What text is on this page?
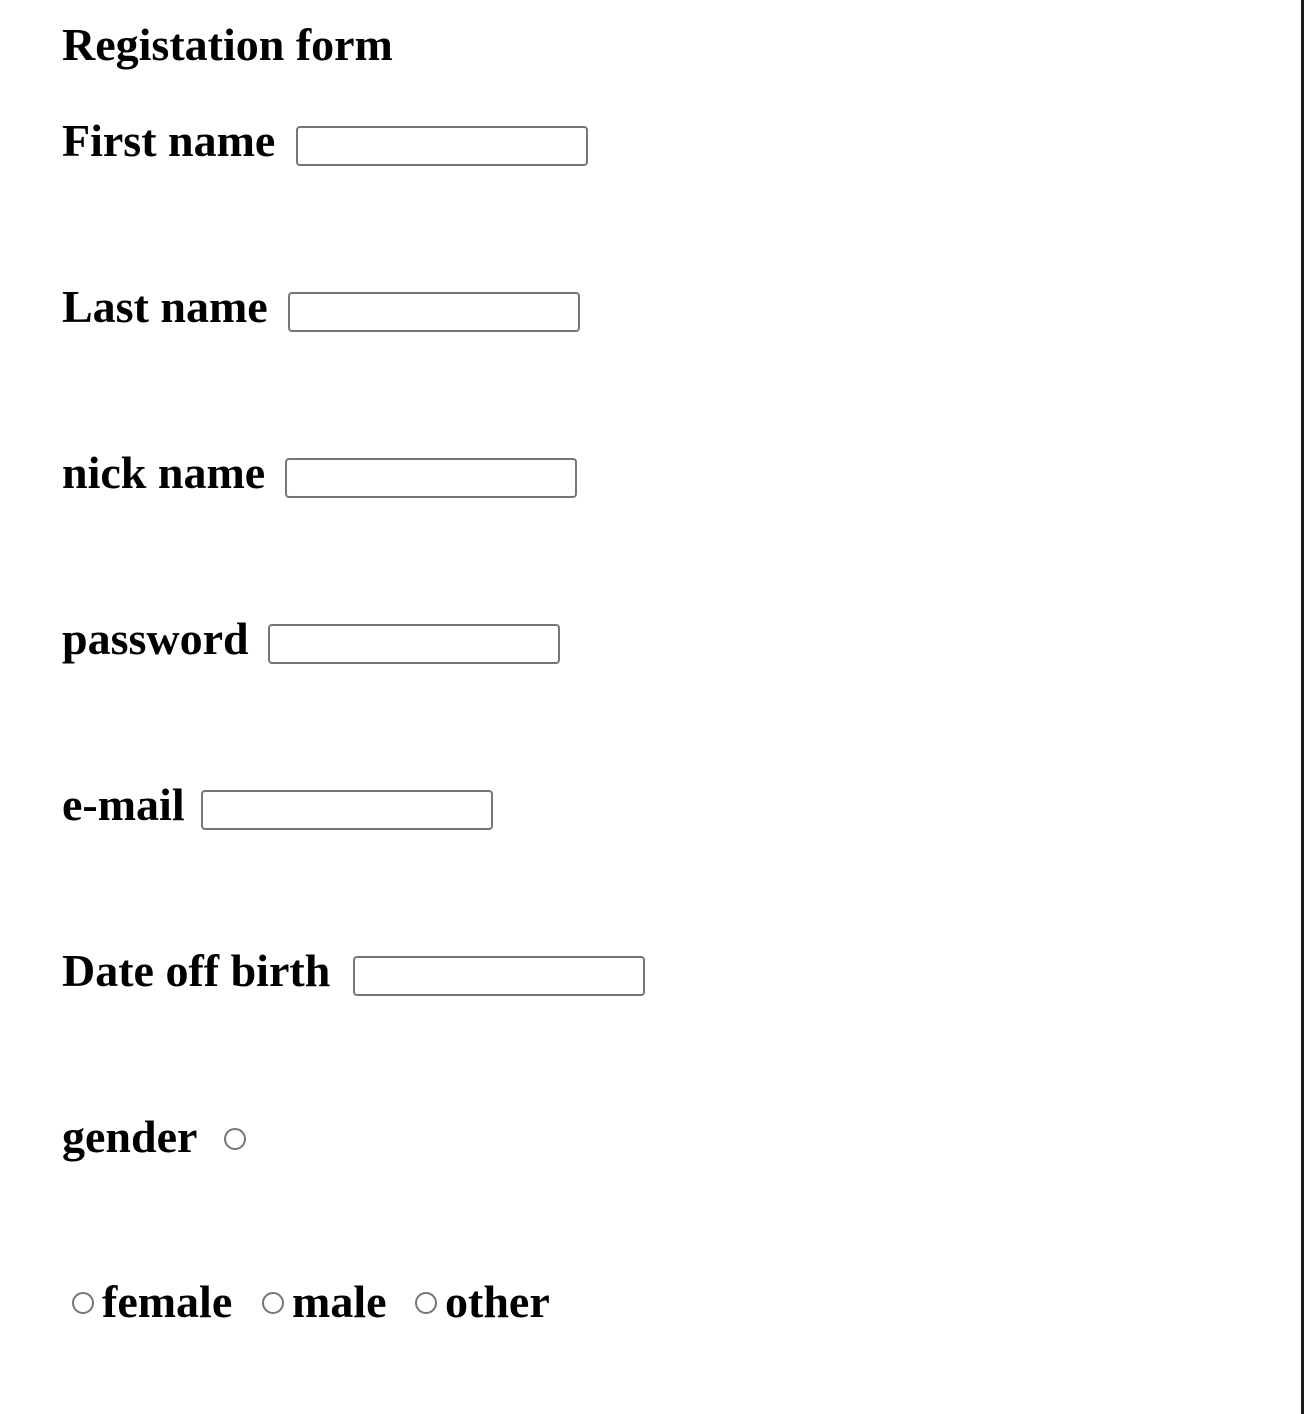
Registation form
First name
Last name
nick name
password
e-mail
Date off birth
gender
female male other
